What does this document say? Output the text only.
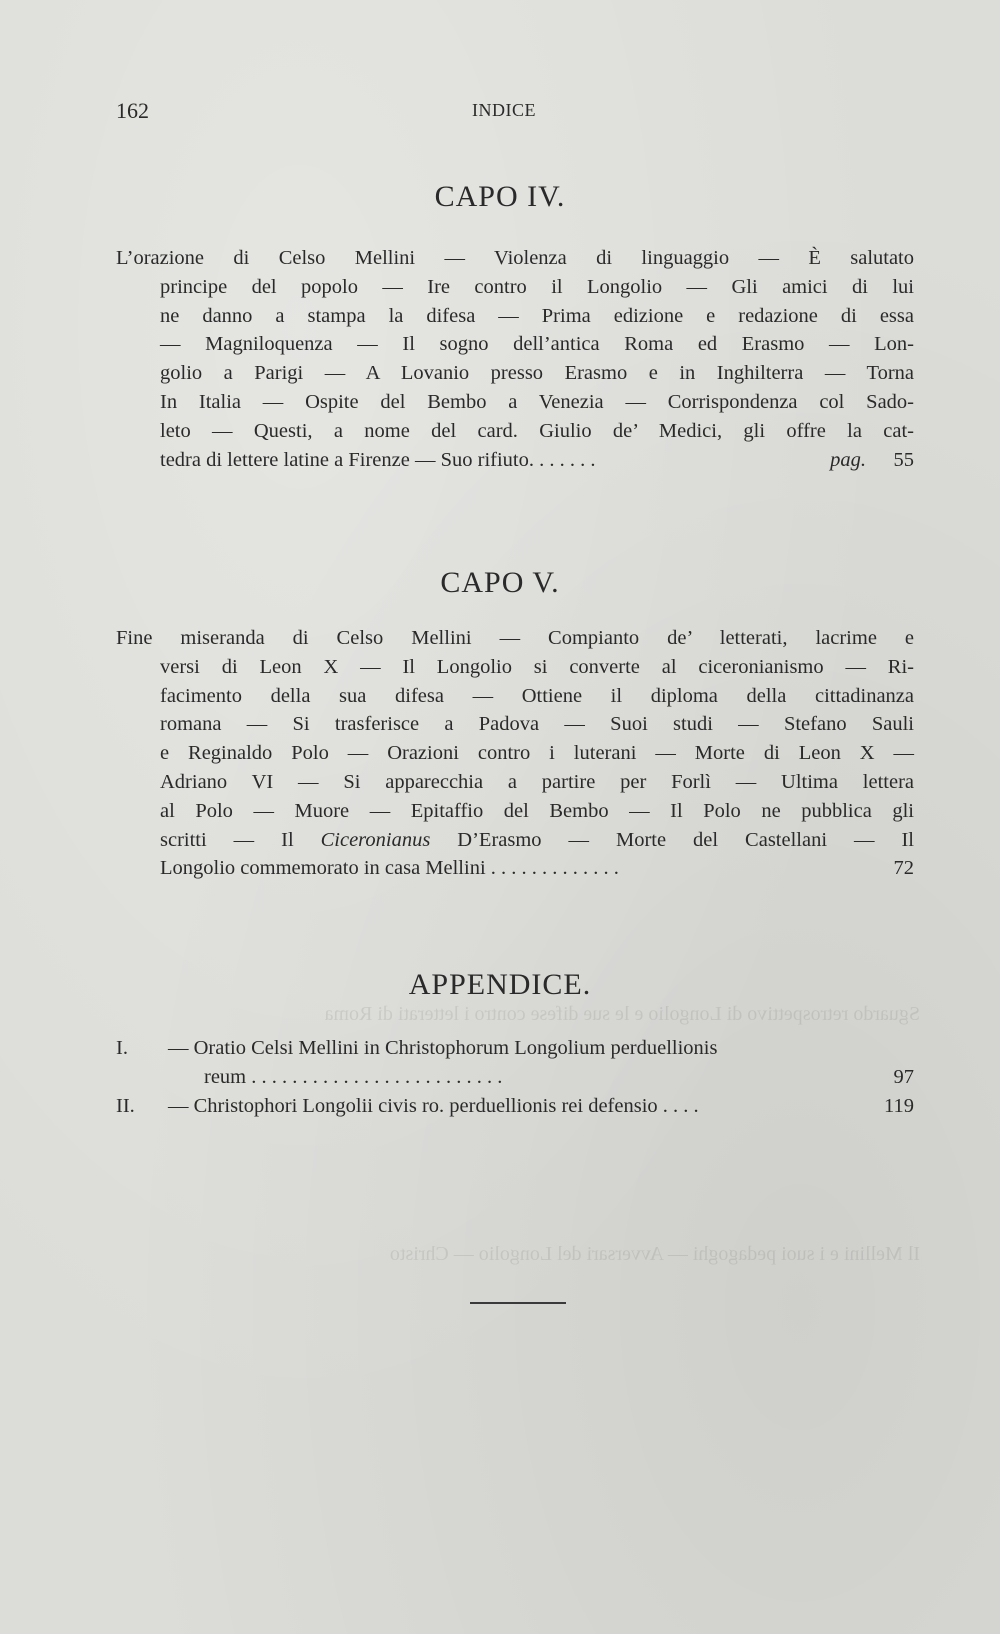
Sguardo retrospettivo di Longolio e le sue difese contro i letterati di Roma
Il Mellini e i suoi pedagoghi — Avversari del Longolio — Christo
162	INDICE
CAPO IV.
L’orazione di Celso Mellini — Violenza di linguaggio — È salutato
principe del popolo — Ire contro il Longolio — Gli amici di lui
ne danno a stampa la difesa — Prima edizione e redazione di essa
— Magniloquenza — Il sogno dell’antica Roma ed Erasmo — Lon-
golio a Parigi — A Lovanio presso Erasmo e in Inghilterra — Torna
In Italia — Ospite del Bembo a Venezia — Corrispondenza col Sado-
leto — Questi, a nome del card. Giulio de’ Medici, gli offre la cat-
tedra di lettere latine a Firenze — Suo rifiuto. . . . . . .	pag. 55
CAPO V.
Fine miseranda di Celso Mellini — Compianto de’ letterati, lacrime e
versi di Leon X — Il Longolio si converte al ciceronianismo — Ri-
facimento della sua difesa — Ottiene il diploma della cittadinanza
romana — Si trasferisce a Padova — Suoi studi — Stefano Sauli
e Reginaldo Polo — Orazioni contro i luterani — Morte di Leon X —
Adriano VI — Si apparecchia a partire per Forlì — Ultima lettera
al Polo — Muore — Epitaffio del Bembo — Il Polo ne pubblica gli
scritti — Il Ciceronianus D’Erasmo — Morte del Castellani — Il
Longolio commemorato in casa Mellini . . . . . . . . . . . . .	72
APPENDICE.
I. — Oratio Celsi Mellini in Christophorum Longolium perduellionis
reum . . . . . . . . . . . . . . . . . . . . . . . . .	97
II. — Christophori Longolii civis ro. perduellionis rei defensio . . . .	119
